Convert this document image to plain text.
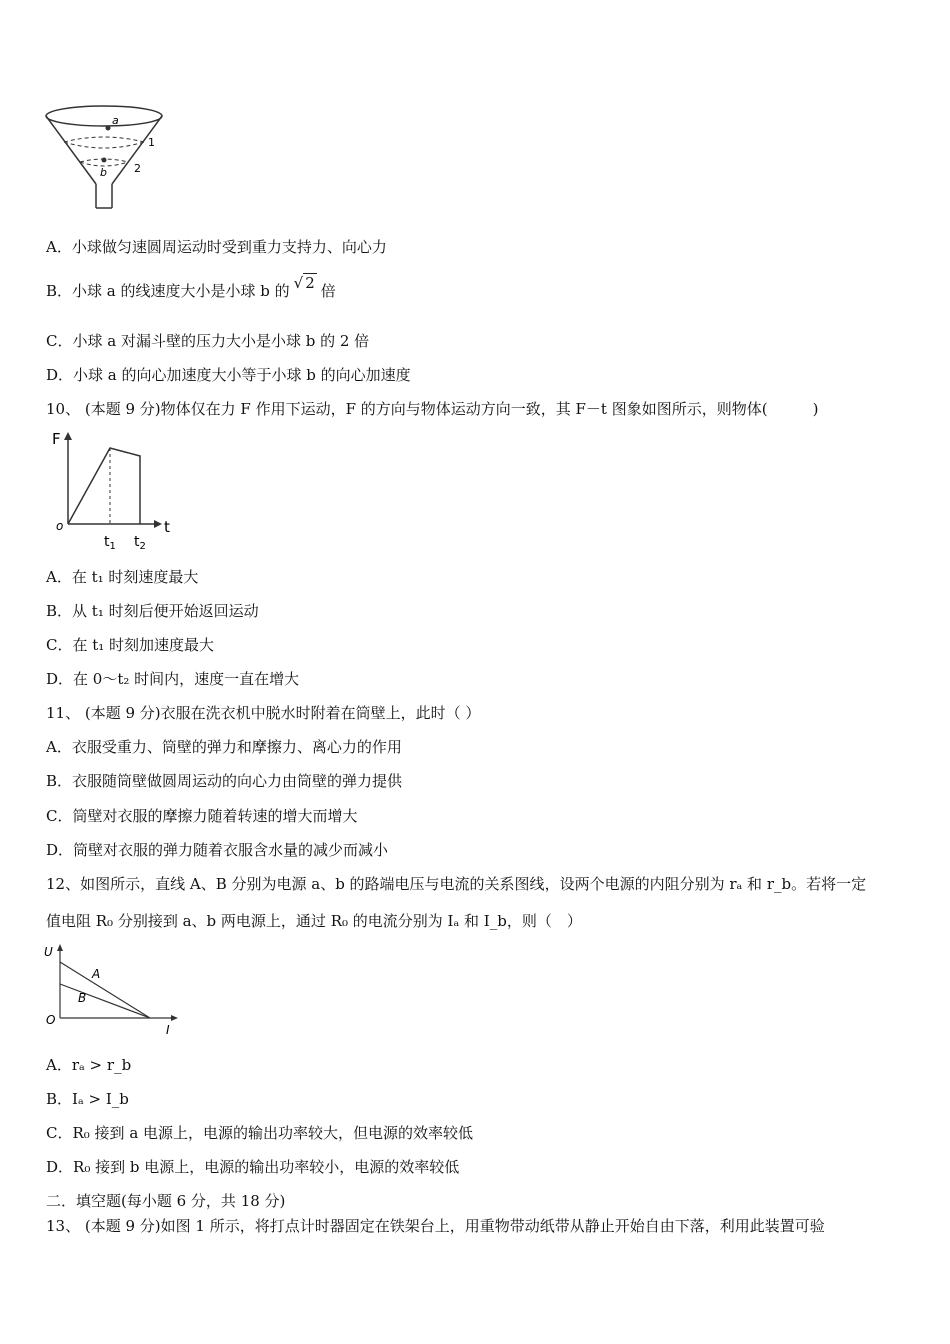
a
b
1
2
A．小球做匀速圆周运动时受到重力支持力、向心力
B．小球 a 的线速度大小是小球 b 的 √ 2 倍
C．小球 a 对漏斗壁的压力大小是小球 b 的 2 倍
D．小球 a 的向心加速度大小等于小球 b 的向心加速度
10、 (本题 9 分)物体仅在力 F 作用下运动，F 的方向与物体运动方向一致，其 F－t 图象如图所示，则物体(　　　)
F
t
o
$t_1$ $t_2$
A．在 t₁ 时刻速度最大
B．从 t₁ 时刻后便开始返回运动
C．在 t₁ 时刻加速度最大
D．在 0～t₂ 时间内，速度一直在增大
11、 (本题 9 分)衣服在洗衣机中脱水时附着在筒壁上，此时（ ）
A．衣服受重力、筒壁的弹力和摩擦力、离心力的作用
B．衣服随筒壁做圆周运动的向心力由筒壁的弹力提供
C．筒壁对衣服的摩擦力随着转速的增大而增大
D．筒壁对衣服的弹力随着衣服含水量的减少而减小
12、如图所示，直线 A、B 分别为电源 a、b 的路端电压与电流的关系图线，设两个电源的内阻分别为 rₐ 和 r_b。若将一定
值电阻 R₀ 分别接到 a、b 两电源上，通过 R₀ 的电流分别为 Iₐ 和 I_b，则（　）
U
I
O
A
B
A．rₐ > r_b
B．Iₐ > I_b
C．R₀ 接到 a 电源上，电源的输出功率较大，但电源的效率较低
D．R₀ 接到 b 电源上，电源的输出功率较小，电源的效率较低
二．填空题(每小题 6 分，共 18 分)
13、 (本题 9 分)如图 1 所示，将打点计时器固定在铁架台上，用重物带动纸带从静止开始自由下落，利用此装置可验
